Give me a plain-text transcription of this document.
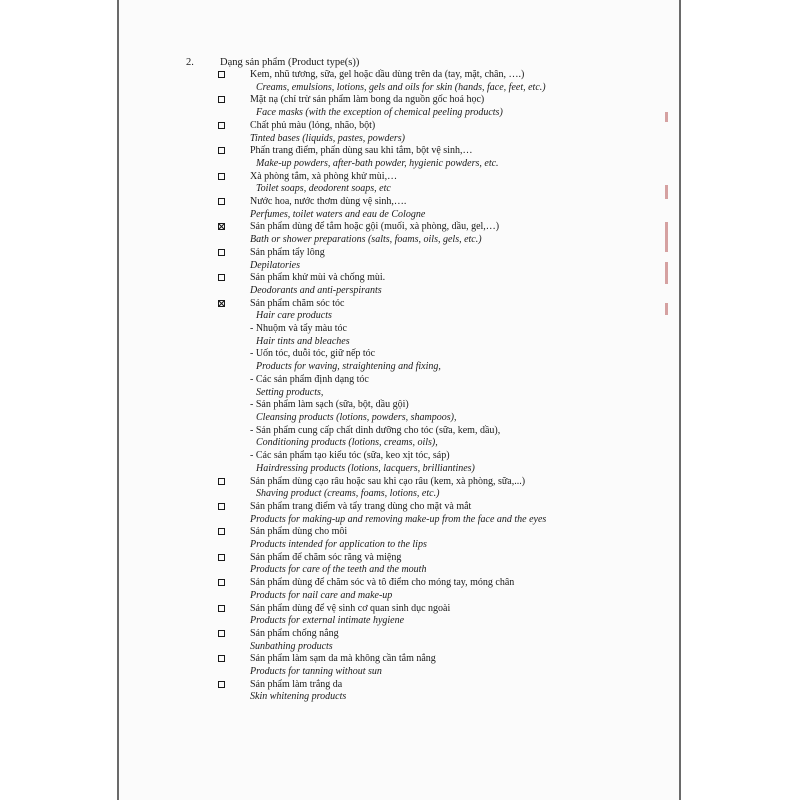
2. Dạng sản phẩm (Product type(s))
Kem, nhũ tương, sữa, gel hoặc dầu dùng trên da (tay, mặt, chân, ….)
Creams, emulsions, lotions, gels and oils for skin (hands, face, feet, etc.)
Mặt nạ (chỉ trừ sản phẩm làm bong da nguồn gốc hoá học)
Face masks (with the exception of chemical peeling products)
Chất phủ màu (lỏng, nhão, bột)
Tinted bases (liquids, pastes, powders)
Phấn trang điểm, phấn dùng sau khi tắm, bột vệ sinh,…
Make-up powders, after-bath powder, hygienic powders, etc.
Xà phòng tắm, xà phòng khử mùi,…
Toilet soaps, deodorent soaps, etc
Nước hoa, nước thơm dùng vệ sinh,….
Perfumes, toilet waters and eau de Cologne
Sản phẩm dùng để tắm hoặc gội (muối, xà phòng, dầu, gel,…)
Bath or shower preparations (salts, foams, oils, gels, etc.)
Sản phẩm tẩy lông
Depilatories
Sản phẩm khử mùi và chống mùi.
Deodorants and anti-perspirants
Sản phẩm chăm sóc tóc
Hair care products
- Nhuộm và tẩy màu tóc
Hair tints and bleaches
- Uốn tóc, duỗi tóc, giữ nếp tóc
Products for waving, straightening and fixing,
- Các sản phẩm định dạng tóc
Setting products,
- Sản phẩm làm sạch (sữa, bột, dầu gội)
Cleansing products (lotions, powders, shampoos),
- Sản phẩm cung cấp chất dinh dưỡng cho tóc (sữa, kem, dầu),
Conditioning products (lotions, creams, oils),
- Các sản phẩm tạo kiểu tóc (sữa, keo xịt tóc, sáp)
Hairdressing products (lotions, lacquers, brilliantines)
Sản phẩm dùng cạo râu hoặc sau khi cạo râu (kem, xà phòng, sữa,...)
Shaving product (creams, foams, lotions, etc.)
Sản phẩm trang điểm và tẩy trang dùng cho mặt và mắt
Products for making-up and removing make-up from the face and the eyes
Sản phẩm dùng cho môi
Products intended for application to the lips
Sản phẩm để chăm sóc răng và miệng
Products for care of the teeth and the mouth
Sản phẩm dùng để chăm sóc và tô điểm cho móng tay, móng chân
Products for nail care and make-up
Sản phẩm dùng để vệ sinh cơ quan sinh dục ngoài
Products for external intimate hygiene
Sản phẩm chống nắng
Sunbathing products
Sản phẩm làm sạm da mà không cần tắm nắng
Products for tanning without sun
Sản phẩm làm trắng da
Skin whitening products
